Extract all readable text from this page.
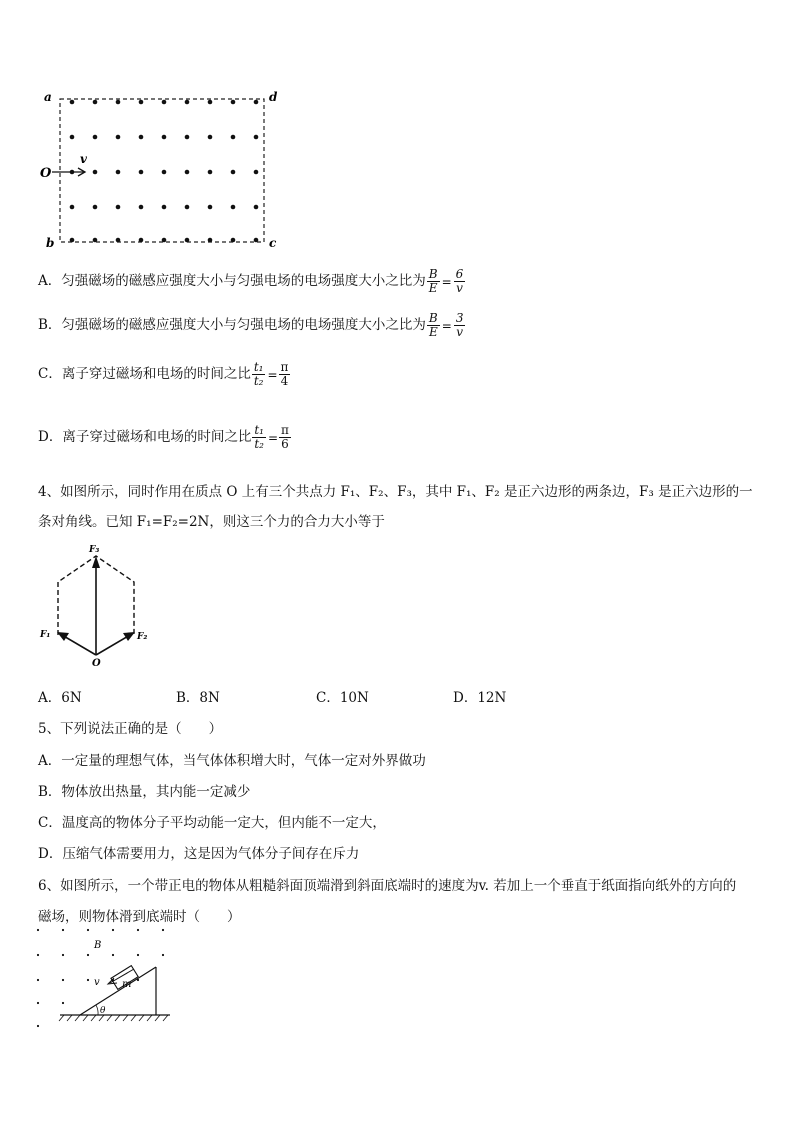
a	d
b	c
O
v
A．匀强磁场的磁感应强度大小与匀强电场的电场强度大小之比为 $\frac{B}{E} = \frac{6}{v}$
B．匀强磁场的磁感应强度大小与匀强电场的电场强度大小之比为 $\frac{B}{E} = \frac{3}{v}$
C．离子穿过磁场和电场的时间之比 $\frac{\text{t₁}}{\text{t₂}} = \frac{\pi}{4}$
D．离子穿过磁场和电场的时间之比 $\frac{\text{t₁}}{\text{t₂}} = \frac{\pi}{6}$
4、如图所示，同时作用在质点 O 上有三个共点力 F₁、F₂、F₃，其中 F₁、F₂ 是正六边形的两条边，F₃ 是正六边形的一
条对角线。已知 F₁=F₂=2N，则这三个力的合力大小等于
F₃
F₁	F₂
O
A．6N	B．8N	C．10N	D．12N
5、下列说法正确的是（　　）
A．一定量的理想气体，当气体体积增大时，气体一定对外界做功
B．物体放出热量，其内能一定减少
C．温度高的物体分子平均动能一定大，但内能不一定大，
D．压缩气体需要用力，这是因为气体分子间存在斥力
6、如图所示，一个带正电的物体从粗糙斜面顶端滑到斜面底端时的速度为v. 若加上一个垂直于纸面指向纸外的方向的
磁场，则物体滑到底端时（　　）
B
v m
θ
